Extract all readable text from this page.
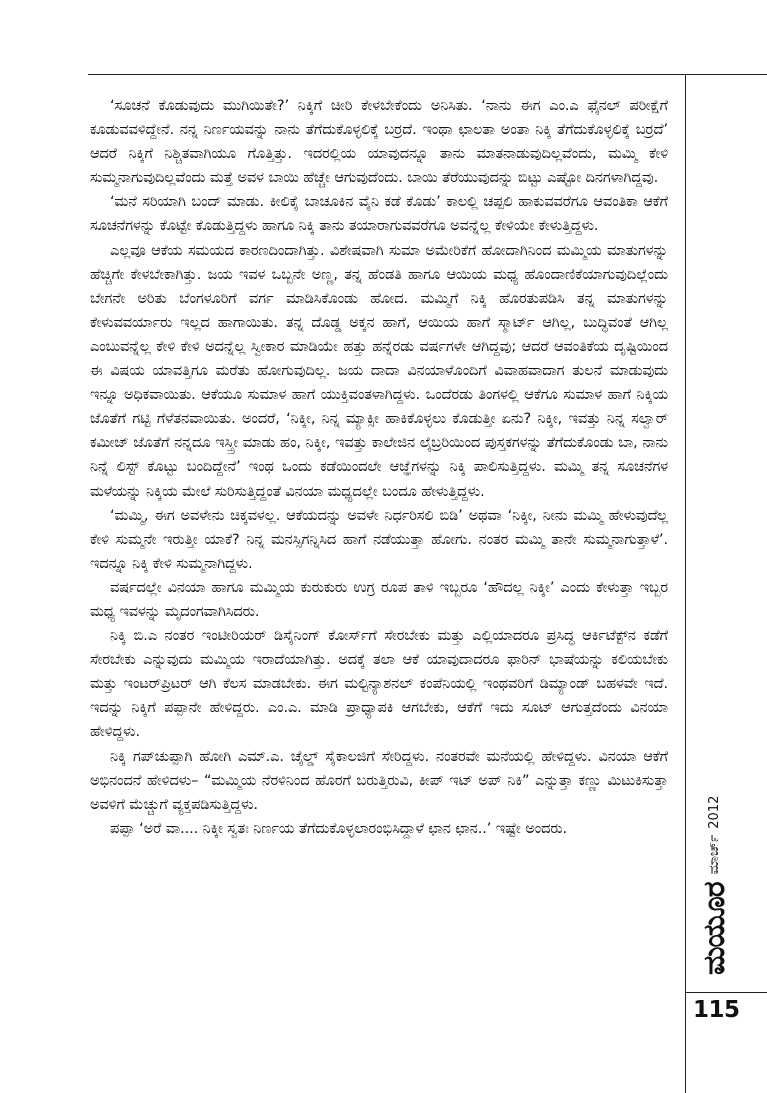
‘ಸೂಚನೆ ಕೊಡುವುದು ಮುಗಿಯಿತೇ?’ ನಿಕ್ಕಿಗೆ ಚೀರಿ ಕೇಳಬೇಕೆಂದು ಅನಿಸಿತು. ‘ನಾನು ಈಗ ಎಂ.ಎ ಫೈನಲ್ ಪರೀಕ್ಷೆಗೆ ಕೂಡುವವಳಿದ್ದೇನೆ. ನನ್ನ ನಿರ್ಣಯವನ್ನು ನಾನು ತೆಗೆದುಕೊಳ್ಳಲಿಕ್ಕೆ ಬರ್ರದೆ. ಇಂಥಾ ಛಾಲತಾ ಅಂತಾ ನಿಕ್ಕಿ ತೆಗೆದುಕೊಳ್ಳಲಿಕ್ಕೆ ಬರ್ರದೆ’ ಆದರೆ ನಿಕ್ಕಿಗೆ ನಿಶ್ಚಿತವಾಗಿಯೂ ಗೊತ್ತಿತ್ತು. ಇದರಲ್ಲಿಯ ಯಾವುದನ್ನೂ ತಾನು ಮಾತನಾಡುವುದಿಲ್ಲವೆಂದು, ಮಮ್ಮಿ ಕೇಳಿ ಸುಮ್ಮನಾಗುವುದಿಲ್ಲವೆಂದು ಮತ್ತೆ ಅವಳ ಬಾಯಿ ಹೆಚ್ಚೇ ಆಗುವುದೆಂದು. ಬಾಯಿ ತೆರೆಯುವುದನ್ನು ಬಿಟ್ಟು ಎಷ್ಟೋ ದಿನಗಳಾಗಿದ್ದವು.

‘ಮನೆ ಸರಿಯಾಗಿ ಬಂದ್ ಮಾಡು. ಕೀಲಿಕೈ ಬಾಚೂಕಿನ ವೈನಿ ಕಡೆ ಕೊಡು’ ಕಾಲಲ್ಲಿ ಚಪ್ಪಲಿ ಹಾಕುವವರೆಗೂ ಆವಂತಿಕಾ ಆಕೆಗೆ ಸೂಚನೆಗಳನ್ನು ಕೊಟ್ಟೇ ಕೊಡುತ್ತಿದ್ದಳು ಹಾಗೂ ನಿಕ್ಕಿ ತಾನು ತಯಾರಾಗುವವರೆಗೂ ಅವನ್ನೆಲ್ಲ ಕೇಳಿಯೇ ಕೇಳುತ್ತಿದ್ದಳು.

ಎಲ್ಲವೂ ಆಕೆಯ ಸಮಯದ ಕಾರಣದಿಂದಾಗಿತ್ತು. ವಿಶೇಷವಾಗಿ ಸುಮಾ ಅಮೇರಿಕೆಗೆ ಹೋದಾಗಿನಿಂದ ಮಮ್ಮಿಯ ಮಾತುಗಳನ್ನು ಹೆಚ್ಚಿಗೇ ಕೇಳಬೇಕಾಗಿತ್ತು. ಜಯ ಇವಳ ಒಬ್ಬನೇ ಅಣ್ಣ, ತನ್ನ ಹೆಂಡತಿ ಹಾಗೂ ಆಯಿಯ ಮಧ್ಯ ಹೊಂದಾಣಿಕೆಯಾಗುವುದಿಲ್ಲೆಂದು ಬೇಗನೇ ಅರಿತು ಬೆಂಗಳೂರಿಗೆ ವರ್ಗ ಮಾಡಿಸಿಕೊಂಡು ಹೋದ. ಮಮ್ಮಿಗೆ ನಿಕ್ಕಿ ಹೊರತುಪಡಿಸಿ ತನ್ನ ಮಾತುಗಳನ್ನು ಕೇಳುವವರ್ಯಾರು ಇಲ್ಲದ ಹಾಗಾಯಿತು. ತನ್ನ ದೊಡ್ಡ ಅಕ್ಕನ ಹಾಗೆ, ಆಯಿಯ ಹಾಗೆ ಸ್ಮಾರ್ಟ್ ಆಗಿಲ್ಲ, ಬುದ್ಧಿವಂತೆ ಆಗಿಲ್ಲ ಎಂಬುವನ್ನೆಲ್ಲ ಕೇಳಿ ಕೇಳಿ ಅದನ್ನೆಲ್ಲ ಸ್ವೀಕಾರ ಮಾಡಿಯೇ ಹತ್ತು ಹನ್ನೆರಡು ವರ್ಷಗಳೇ ಆಗಿದ್ದವು; ಆದರೆ ಆವಂತಿಕೆಯ ದೃಷ್ಟಿಯಿಂದ ಈ ವಿಷಯ ಯಾವತ್ತಿಗೂ ಮರೆತು ಹೋಗುವುದಿಲ್ಲ. ಜಯ ದಾದಾ ವಿನಯಾಳೊಂದಿಗೆ ವಿವಾಹವಾದಾಗ ತುಲನೆ ಮಾಡುವುದು ಇನ್ನೂ ಅಧಿಕವಾಯಿತು. ಆಕೆಯೂ ಸುಮಾಳ ಹಾಗೆ ಯುಕ್ತಿವಂತಳಾಗಿದ್ದಳು. ಒಂದೆರಡು ತಿಂಗಳಲ್ಲಿ ಆಕೆಗೂ ಸುಮಾಳ ಹಾಗೆ ನಿಕ್ಕಿಯ ಜೊತೆಗೆ ಗಟ್ಟಿ ಗೆಳೆತನವಾಯಿತು. ಅಂದರೆ, ‘ನಿಕ್ಕೀ, ನಿನ್ನ ಮ್ಯಾಕ್ಸೀ ಹಾಕಿಕೊಳ್ಳಲು ಕೊಡುತ್ತೀ ಏನು? ನಿಕ್ಕೀ, ಇವತ್ತು ನಿನ್ನ ಸಲ್ವಾರ್ ಕಮೀಜ್ ಜೊತೆಗೆ ನನ್ನದೂ ಇಸ್ತ್ರೀ ಮಾಡು ಹಂ, ನಿಕ್ಕೀ, ಇವತ್ತು ಕಾಲೇಜಿನ ಲೈಬ್ರರಿಯಿಂದ ಪುಸ್ತಕಗಳನ್ನು ತೆಗೆದುಕೊಂಡು ಬಾ, ನಾನು ನಿನ್ನೆ ಲಿಸ್ಟ್ ಕೊಟ್ಟು ಬಂದಿದ್ದೇನೆ’ ಇಂಥ ಒಂದು ಕಡೆಯಿಂದಲೇ ಆಜ್ಞೆಗಳನ್ನು ನಿಕ್ಕಿ ಪಾಲಿಸುತ್ತಿದ್ದಳು. ಮಮ್ಮಿ ತನ್ನ ಸೂಚನೆಗಳ ಮಳೆಯನ್ನು ನಿಕ್ಕಿಯ ಮೇಲೆ ಸುರಿಸುತ್ತಿದ್ದಂತೆ ವಿನಯಾ ಮಧ್ಯದಲ್ಲೇ ಬಂದೂ ಹೇಳುತ್ತಿದ್ದಳು.

‘ಮಮ್ಮಿ, ಈಗ ಅವಳೇನು ಚಿಕ್ಕವಳಲ್ಲ. ಆಕೆಯದನ್ನು ಅವಳೇ ನಿರ್ಧರಿಸಲಿ ಬಿಡಿ’ ಅಥವಾ ‘ನಿಕ್ಕೀ, ನೀನು ಮಮ್ಮಿ ಹೇಳುವುದೆಲ್ಲ ಕೇಳಿ ಸುಮ್ಮನೇ ಇರುತ್ತೀ ಯಾಕೆ? ನಿನ್ನ ಮನಸ್ಸಿಗನ್ನಿಸಿದ ಹಾಗೆ ನಡೆಯುತ್ತಾ ಹೋಗು. ನಂತರ ಮಮ್ಮಿ ತಾನೇ ಸುಮ್ಮನಾಗುತ್ತಾಳೆ’. ಇದನ್ನೂ ನಿಕ್ಕಿ ಕೇಳಿ ಸುಮ್ಮನಾಗಿದ್ದಳು.

ವರ್ಷದಲ್ಲೇ ವಿನಯಾ ಹಾಗೂ ಮಮ್ಮಿಯ ಕುರುಕುರು ಉಗ್ರ ರೂಪ ತಾಳಿ ಇಬ್ಬರೂ ‘ಹೌದಲ್ಲ ನಿಕ್ಕೀ’ ಎಂದು ಕೇಳುತ್ತಾ ಇಬ್ಬರ ಮಧ್ಯ ಇವಳನ್ನು ಮೃದಂಗವಾಗಿಸಿದರು.

ನಿಕ್ಕಿ ಬಿ.ಎ ನಂತರ ಇಂಟೀರಿಯರ್ ಡಿಸೈನಿಂಗ್ ಕೋರ್ಸ್‌ಗೆ ಸೇರಬೇಕು ಮತ್ತು ಎಲ್ಲಿಯಾದರೂ ಪ್ರಸಿದ್ಧ ಆರ್ಕಿಟೆಕ್ಟ್‌ನ ಕಡೆಗೆ ಸೇರಬೇಕು ಎನ್ನುವುದು ಮಮ್ಮಿಯ ಇರಾದೆಯಾಗಿತ್ತು. ಅದಕ್ಕೆ ತಲಾ ಆಕೆ ಯಾವುದಾದರೂ ಫಾರಿನ್ ಭಾಷೆಯನ್ನು ಕಲಿಯಬೇಕು ಮತ್ತು ಇಂಟರ್‌ಪ್ರಿಟರ್ ಆಗಿ ಕೆಲಸ ಮಾಡಬೇಕು. ಈಗ ಮಲ್ಟಿನ್ಯಾಶನಲ್ ಕಂಪೆನಿಯಲ್ಲಿ ಇಂಥವರಿಗೆ ಡಿಮ್ಯಾಂಡ್ ಬಹಳವೇ ಇದೆ. ಇದನ್ನು ನಿಕ್ಕಿಗೆ ಪಪ್ಪಾನೇ ಹೇಳಿದ್ದರು. ಎಂ.ಎ. ಮಾಡಿ ಪ್ರಾಧ್ಯಾಪಕಿ ಆಗಬೇಕು, ಆಕೆಗೆ ಇದು ಸೂಟ್ ಆಗುತ್ತದೆಂದು ವಿನಯಾ ಹೇಳಿದ್ದಳು.

ನಿಕ್ಕಿ ಗಪ್‌ಚುಪ್ಪಾಗಿ ಹೋಗಿ ಎಮ್.ಎ. ಚೈಲ್ಡ್ ಸೈಕಾಲಜಿಗೆ ಸೇರಿದ್ದಳು. ನಂತರವೇ ಮನೆಯಲ್ಲಿ ಹೇಳಿದ್ದಳು. ವಿನಯಾ ಆಕೆಗೆ ಅಭಿನಂದನೆ ಹೇಳಿದಳು– “ಮಮ್ಮಿಯ ನೆರಳಿನಿಂದ ಹೊರಗೆ ಬರುತ್ತಿರುವಿ, ಕೀಪ್ ಇಟ್ ಅಪ್ ನಿಕಿ” ಎನ್ನುತ್ತಾ ಕಣ್ಣು ಮಿಟುಕಿಸುತ್ತಾ ಅವಳಿಗೆ ಮೆಚ್ಚುಗೆ ವ್ಯಕ್ತಪಡಿಸುತ್ತಿದ್ದಳು.

ಪಪ್ಪಾ ‘ಅರೆ ವಾ.... ನಿಕ್ಕೀ ಸ್ವತಃ ನಿರ್ಣಯ ತೆಗೆದುಕೊಳ್ಳಲಾರಂಭಿಸಿದ್ದಾಳೆ ಛಾನ ಛಾನ..’ ಇಷ್ಟೇ ಅಂದರು.

ಮಯೂರ
ಮಾರ್ಚ್
2012
115
